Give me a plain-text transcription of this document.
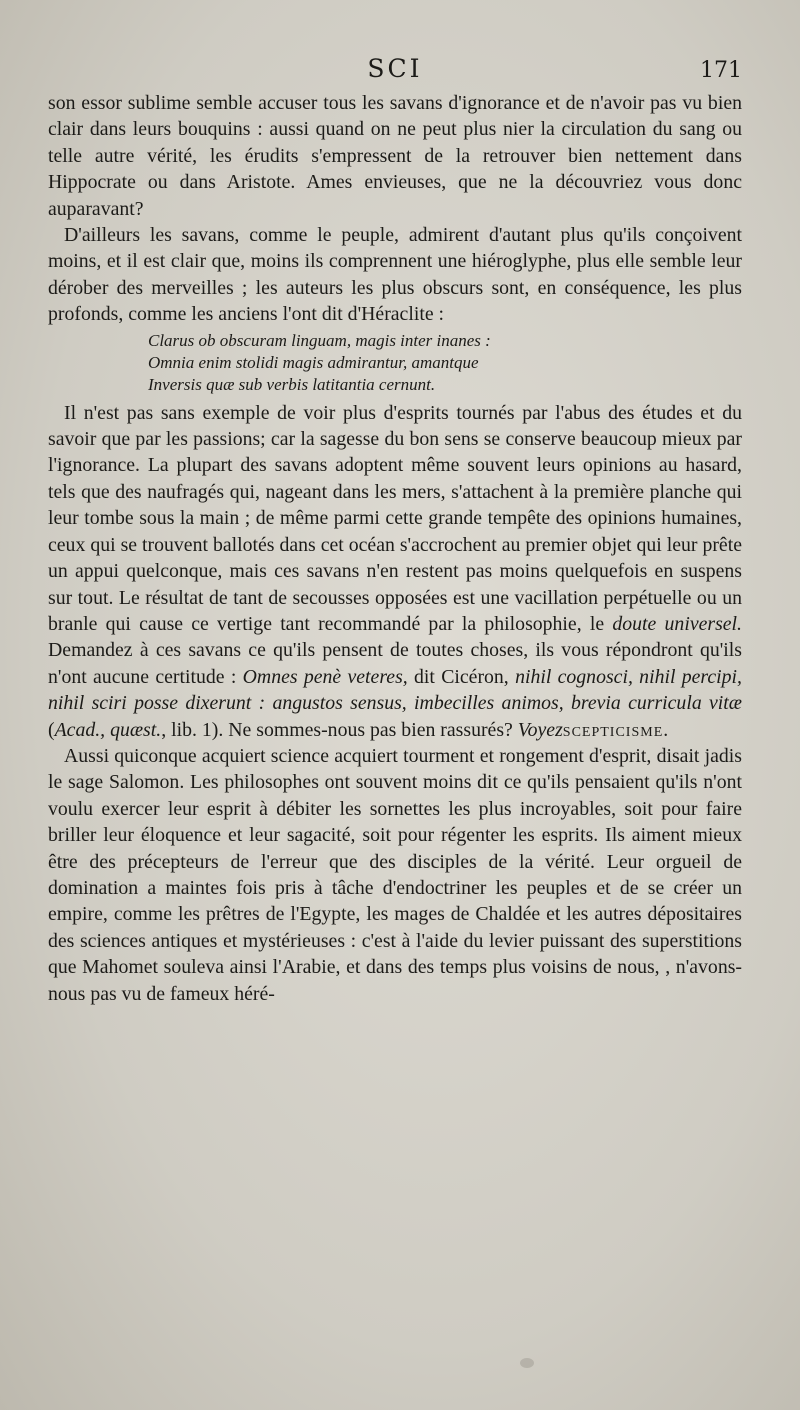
SCI	171

son essor sublime semble accuser tous les savans d'ignorance et de n'avoir pas vu bien clair dans leurs bouquins : aussi quand on ne peut plus nier la circulation du sang ou telle autre vérité, les érudits s'empressent de la retrouver bien nettement dans Hippocrate ou dans Aristote. Ames envieuses, que ne la découvriez vous donc auparavant?

D'ailleurs les savans, comme le peuple, admirent d'autant plus qu'ils conçoivent moins, et il est clair que, moins ils comprennent une hiéroglyphe, plus elle semble leur dérober des merveilles ; les auteurs les plus obscurs sont, en conséquence, les plus profonds, comme les anciens l'ont dit d'Héraclite :

Clarus ob obscuram linguam, magis inter inanes :
Omnia enim stolidi magis admirantur, amantque
Inversis quæ sub verbis latitantia cernunt.

Il n'est pas sans exemple de voir plus d'esprits tournés par l'abus des études et du savoir que par les passions; car la sagesse du bon sens se conserve beaucoup mieux par l'ignorance. La plupart des savans adoptent même souvent leurs opinions au hasard, tels que des naufragés qui, nageant dans les mers, s'attachent à la première planche qui leur tombe sous la main ; de même parmi cette grande tempête des opinions humaines, ceux qui se trouvent ballotés dans cet océan s'accrochent au premier objet qui leur prête un appui quelconque, mais ces savans n'en restent pas moins quelquefois en suspens sur tout. Le résultat de tant de secousses opposées est une vacillation perpétuelle ou un branle qui cause ce vertige tant recommandé par la philosophie, le doute universel. Demandez à ces savans ce qu'ils pensent de toutes choses, ils vous répondront qu'ils n'ont aucune certitude : Omnes penè veteres, dit Cicéron, nihil cognosci, nihil percipi, nihil sciri posse dixerunt : angustos sensus, imbecilles animos, brevia curricula vitæ (Acad., quæst., lib. 1). Ne sommes-nous pas bien rassurés? Voyezscepticisme.

Aussi quiconque acquiert science acquiert tourment et rongement d'esprit, disait jadis le sage Salomon. Les philosophes ont souvent moins dit ce qu'ils pensaient qu'ils n'ont voulu exercer leur esprit à débiter les sornettes les plus incroyables, soit pour faire briller leur éloquence et leur sagacité, soit pour régenter les esprits. Ils aiment mieux être des précepteurs de l'erreur que des disciples de la vérité. Leur orgueil de domination a maintes fois pris à tâche d'endoctriner les peuples et de se créer un empire, comme les prêtres de l'Egypte, les mages de Chaldée et les autres dépositaires des sciences antiques et mystérieuses : c'est à l'aide du levier puissant des superstitions que Mahomet souleva ainsi l'Arabie, et dans des temps plus voisins de nous, , n'avons-nous pas vu de fameux héré-
